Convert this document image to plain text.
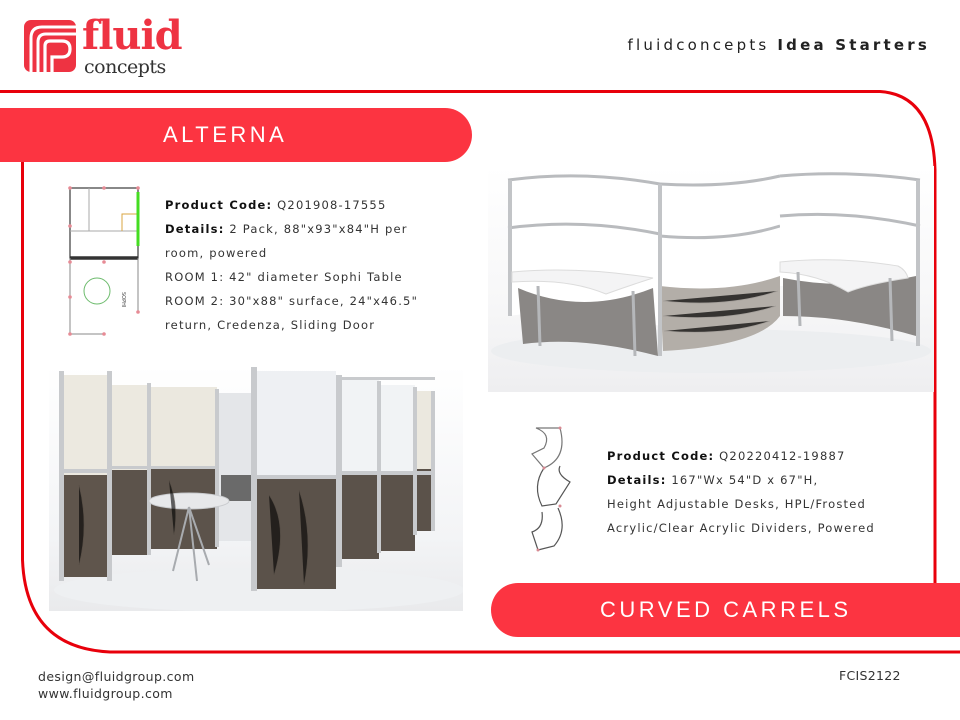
fluid
concepts
fluidconcepts Idea Starters
ALTERNA
SOPHI
Product Code: Q201908-17555
Details: 2 Pack, 88"x93"x84"H per
room, powered
ROOM 1: 42" diameter Sophi Table
ROOM 2: 30"x88" surface, 24"x46.5"
return, Credenza, Sliding Door
Product Code: Q20220412-19887
Details: 167"Wx 54"D x 67"H,
Height Adjustable Desks, HPL/Frosted
Acrylic/Clear Acrylic Dividers, Powered
CURVED CARRELS
design@fluidgroup.com
www.fluidgroup.com
FCIS2122
